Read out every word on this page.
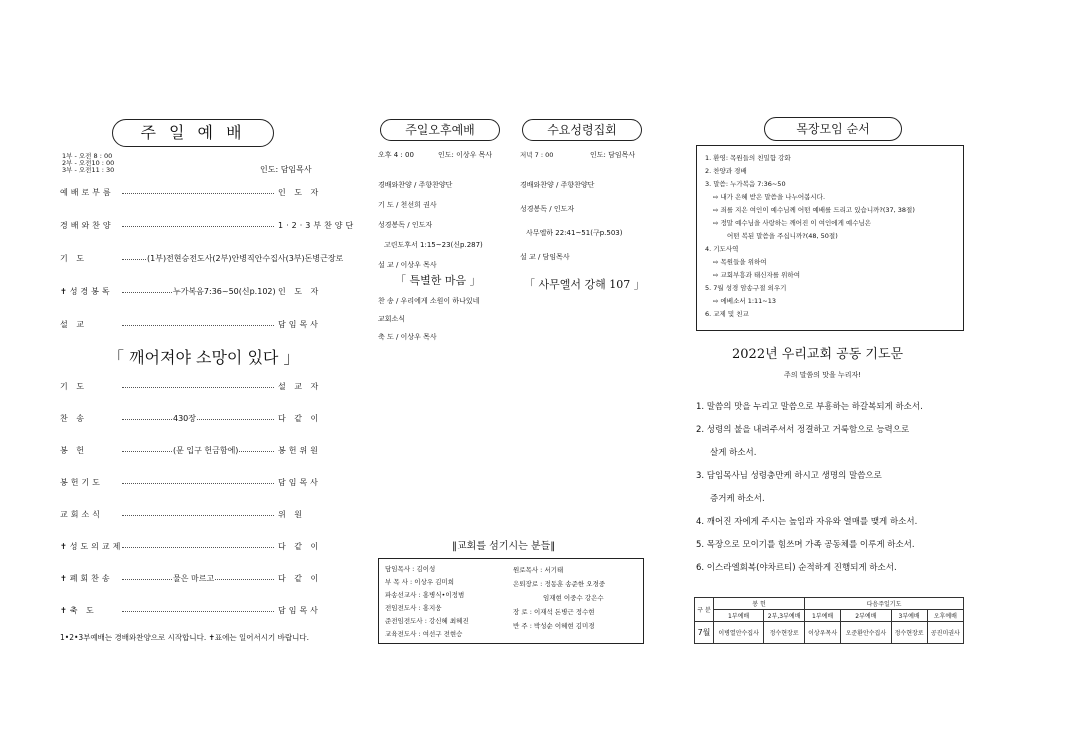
주 일 예 배
1부 - 오전 8 : 00
2부 - 오전10 : 00
3부 - 오전11 : 30	인도: 담임목사
예배로부름	인 도 자
경배와찬양	1·2·3부찬양단
기 도	(1부)전현승전도사(2부)안병직안수집사(3부)돈병근장로
✝성경봉독	누가복음7:36~50(신p.102) 인 도 자
설 교	담임목사
「 깨어져야 소망이 있다 」
기 도	설 교 자
찬 송	430장	다 같 이
봉 헌	(문 입구 헌금함에)	봉헌위원
봉헌기도	담임목사
교회소식	위 원
✝성도의교제	다 같 이
✝폐회찬송	물은 마르고	다 같 이
✝축 도	담임목사
1•2•3부예배는 경배와찬양으로 시작합니다. ✝표에는 일어서시기 바랍니다.
주일오후예배	수요성령집회
오후 4 : 00	인도: 이상우 목사	저녁 7 : 00	인도: 담임목사
경배와찬양 / 주향찬양단
기 도 / 천선희 권사
성경봉독 / 인도자
고린도후서 1:15~23(신p.287)
설 교 / 이상우 목사
「 특별한 마음 」
찬 송 / 우리에게 소원이 하나있네
교회소식
축 도 / 이상우 목사
경배와찬양 / 주향찬양단
성경봉독 / 인도자
사무엘하 22:41~51(구p.503)
설 교 / 담임목사
「 사무엘서 강해 107 」
‖교회를 섬기시는 분들‖
담임목사 : 김이성
부 목 사 : 이상우 김미희
파송선교사 : 홍병식•이정범
전임전도사 : 홍지웅
준전임전도사 : 강신혜 최혜진
교육전도사 : 여선구 전현승
원로목사 : 서기태
은퇴장로 : 정동훈 송준한 오경중
임재현 이중수 강은수
장 로 : 이재석 돈병근 정수현
반 주 : 박성순 이혜현 김미경
목장모임 순서
1. 환영: 목원들의 친밀함 강화
2. 찬양과 경배
3. 말씀: 누가복음 7:36~50
⇨ 내가 은혜 받은 말씀을 나누어봅시다.
⇨ 죄를 지은 여인이 예수님께 어떤 예배를 드리고 있습니까?(37, 38절)
⇨ 정말 예수님을 사랑하는 깨어진 이 여인에게 예수님은
어떤 복된 말씀을 주십니까?(48, 50절)
4. 기도사역
⇨ 목원들을 위하여
⇨ 교회부흥과 태신자를 위하여
5. 7월 성경 암송구절 외우기
⇨ 에베소서 1:11~13
6. 교제 및 친교
2022년 우리교회 공동 기도문
주의 말씀의 맛을 누리자!
1. 말씀의 맛을 누리고 말씀으로 부흥하는 하갈복되게 하소서.
2. 성령의 불을 내려주셔서 정결하고 거룩함으로 능력으로
살게 하소서.
3. 담임목사님 성령충만케 하시고 생명의 말씀으로
증거케 하소서.
4. 깨어진 자에게 주시는 높임과 자유와 열매를 맺게 하소서.
5. 목장으로 모이기를 힘쓰며 가족 공동체를 이루게 하소서.
6. 이스라엘회복(야차르티) 순적하게 진행되게 하소서.
구 분	봉 헌		다음주일기도			
	1부예배	2부,3부예배	1부예배	2부예배	3부예배	오후예배
7월	이병열안수집사	정수현장로	이상우목사	오준환안수집사	정수현장로	공진미권사
